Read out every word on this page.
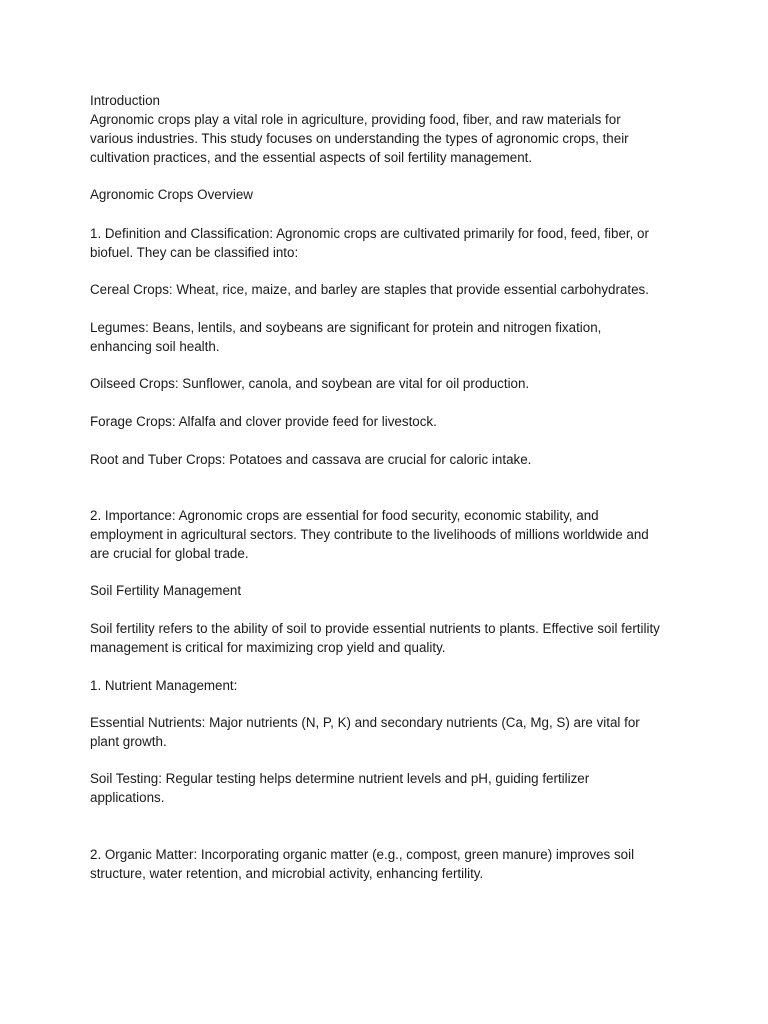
Introduction
Agronomic crops play a vital role in agriculture, providing food, fiber, and raw materials for
various industries. This study focuses on understanding the types of agronomic crops, their
cultivation practices, and the essential aspects of soil fertility management.
Agronomic Crops Overview
1. Definition and Classification: Agronomic crops are cultivated primarily for food, feed, fiber, or
biofuel. They can be classified into:
Cereal Crops: Wheat, rice, maize, and barley are staples that provide essential carbohydrates.
Legumes: Beans, lentils, and soybeans are significant for protein and nitrogen fixation,
enhancing soil health.
Oilseed Crops: Sunflower, canola, and soybean are vital for oil production.
Forage Crops: Alfalfa and clover provide feed for livestock.
Root and Tuber Crops: Potatoes and cassava are crucial for caloric intake.
2. Importance: Agronomic crops are essential for food security, economic stability, and
employment in agricultural sectors. They contribute to the livelihoods of millions worldwide and
are crucial for global trade.
Soil Fertility Management
Soil fertility refers to the ability of soil to provide essential nutrients to plants. Effective soil fertility
management is critical for maximizing crop yield and quality.
1. Nutrient Management:
Essential Nutrients: Major nutrients (N, P, K) and secondary nutrients (Ca, Mg, S) are vital for
plant growth.
Soil Testing: Regular testing helps determine nutrient levels and pH, guiding fertilizer
applications.
2. Organic Matter: Incorporating organic matter (e.g., compost, green manure) improves soil
structure, water retention, and microbial activity, enhancing fertility.
